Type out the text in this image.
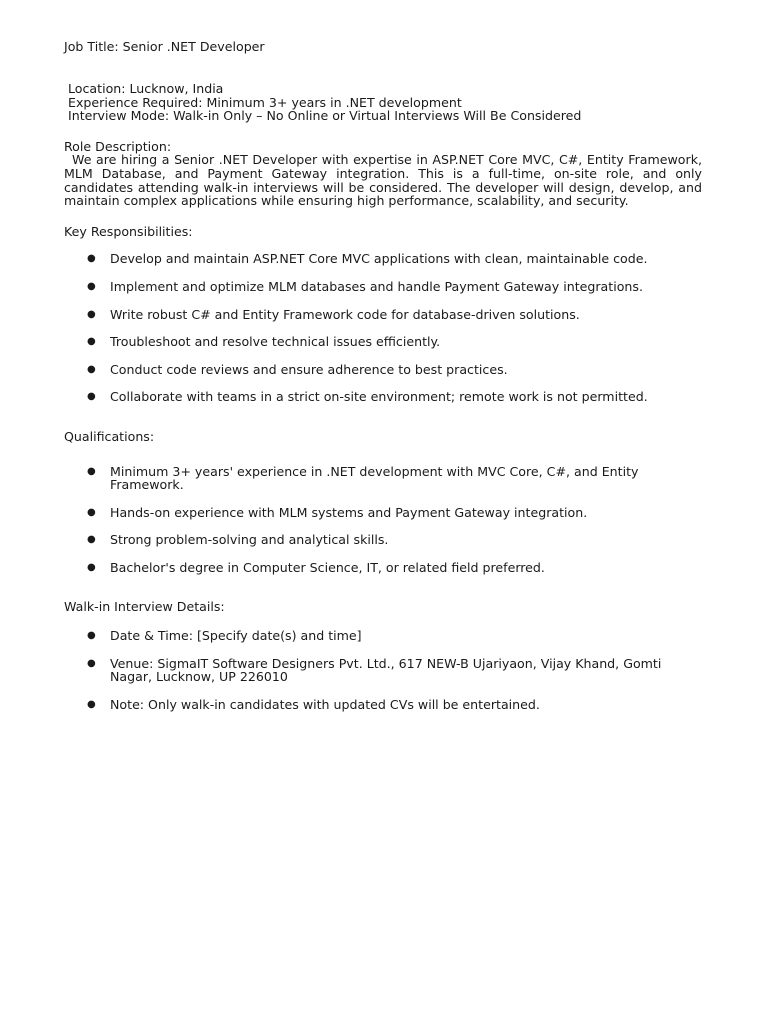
Job Title: Senior .NET Developer
Location: Lucknow, India
Experience Required: Minimum 3+ years in .NET development
Interview Mode: Walk-in Only – No Online or Virtual Interviews Will Be Considered
Role Description:
We are hiring a Senior .NET Developer with expertise in ASP.NET Core MVC, C#, Entity Framework, MLM Database, and Payment Gateway integration. This is a full-time, on-site role, and only candidates attending walk-in interviews will be considered. The developer will design, develop, and maintain complex applications while ensuring high performance, scalability, and security.
Key Responsibilities:
● Develop and maintain ASP.NET Core MVC applications with clean, maintainable code.
● Implement and optimize MLM databases and handle Payment Gateway integrations.
● Write robust C# and Entity Framework code for database-driven solutions.
● Troubleshoot and resolve technical issues efficiently.
● Conduct code reviews and ensure adherence to best practices.
● Collaborate with teams in a strict on-site environment; remote work is not permitted.
Qualifications:
● Minimum 3+ years' experience in .NET development with MVC Core, C#, and Entity Framework.
● Hands-on experience with MLM systems and Payment Gateway integration.
● Strong problem-solving and analytical skills.
● Bachelor's degree in Computer Science, IT, or related field preferred.
Walk-in Interview Details:
● Date & Time: [Specify date(s) and time]
● Venue: SigmaIT Software Designers Pvt. Ltd., 617 NEW-B Ujariyaon, Vijay Khand, Gomti Nagar, Lucknow, UP 226010
● Note: Only walk-in candidates with updated CVs will be entertained.
